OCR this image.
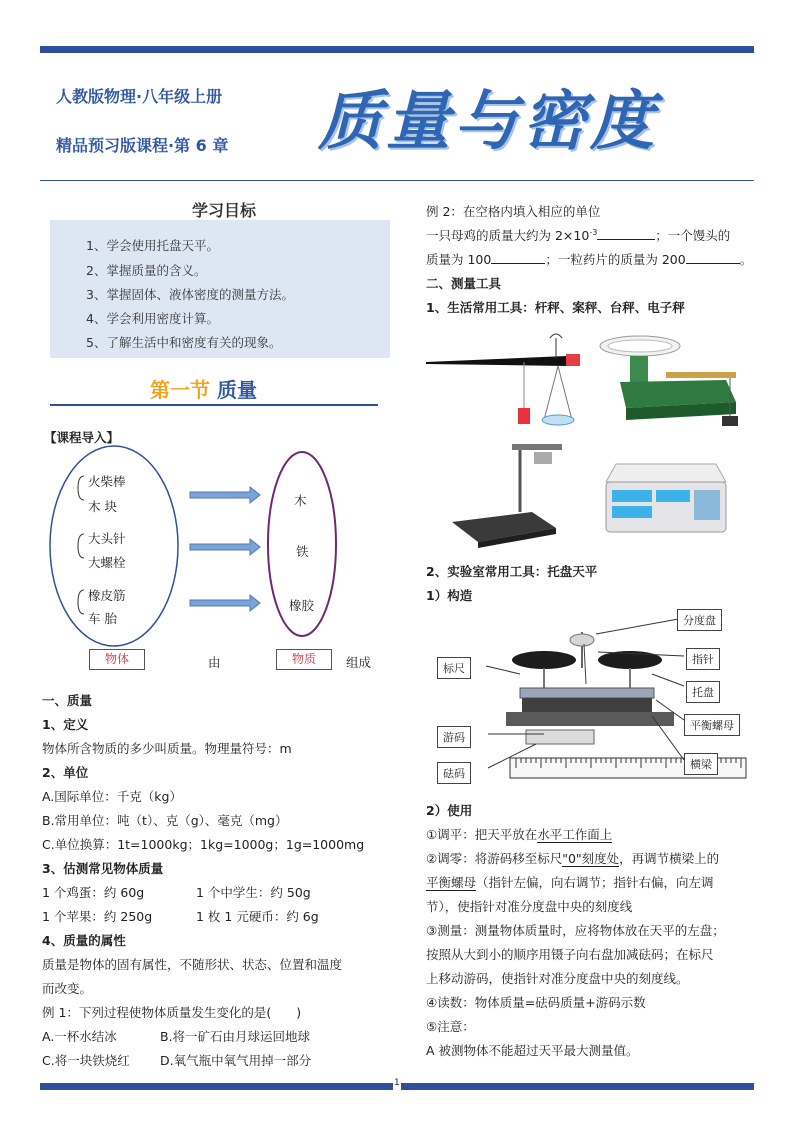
人教版物理·八年级上册
精品预习版课程·第 6 章 质量与密度
学习目标
1、学会使用托盘天平。
2、掌握质量的含义。
3、掌握固体、液体密度的测量方法。
4、学会利用密度计算。
5、了解生活中和密度有关的现象。
第一节 质量
【课程导入】
火柴棒
木 块
大头针
大螺栓
橡皮筋
车 胎
木
铁
橡胶
物体	由	物质	组成
一、质量
1、定义
物体所含物质的多少叫质量。物理量符号：m
2、单位
A.国际单位：千克（kg）
B.常用单位：吨（t）、克（g）、毫克（mg）
C.单位换算：1t=1000kg；1kg=1000g；1g=1000mg
3、估测常见物体质量
1 个鸡蛋：约 60g	1 个中学生：约 50g
1 个苹果：约 250g	1 枚 1 元硬币：约 6g
4、质量的属性
质量是物体的固有属性，不随形状、状态、位置和温度
而改变。
例 1：下列过程使物体质量发生变化的是(　　)
A.一杯水结冰	B.将一矿石由月球运回地球
C.将一块铁烧红 D.氧气瓶中氧气用掉一部分
例 2：在空格内填入相应的单位
一只母鸡的质量大约为 $2\times 10^{-3}$	；一个馒头的
质量为 100	；一粒药片的质量为 200	。
二、测量工具
1、生活常用工具：杆秤、案秤、台秤、电子秤
2、实验室常用工具：托盘天平
1）构造
分度盘
标尺
指针
托盘
平衡螺母
游码
横梁
砝码
2）使用
①调平：把天平放在水平工作面上
②调零：将游码移至标尺"0"刻度处，再调节横梁上的
平衡螺母（指针左偏，向右调节；指针右偏，向左调
节），使指针对准分度盘中央的刻度线
③测量：测量物体质量时，应将物体放在天平的左盘；
按照从大到小的顺序用镊子向右盘加减砝码；在标尺
上移动游码，使指针对准分度盘中央的刻度线。
④读数：物体质量=砝码质量+游码示数
⑤注意：
A 被测物体不能超过天平最大测量值。
1
